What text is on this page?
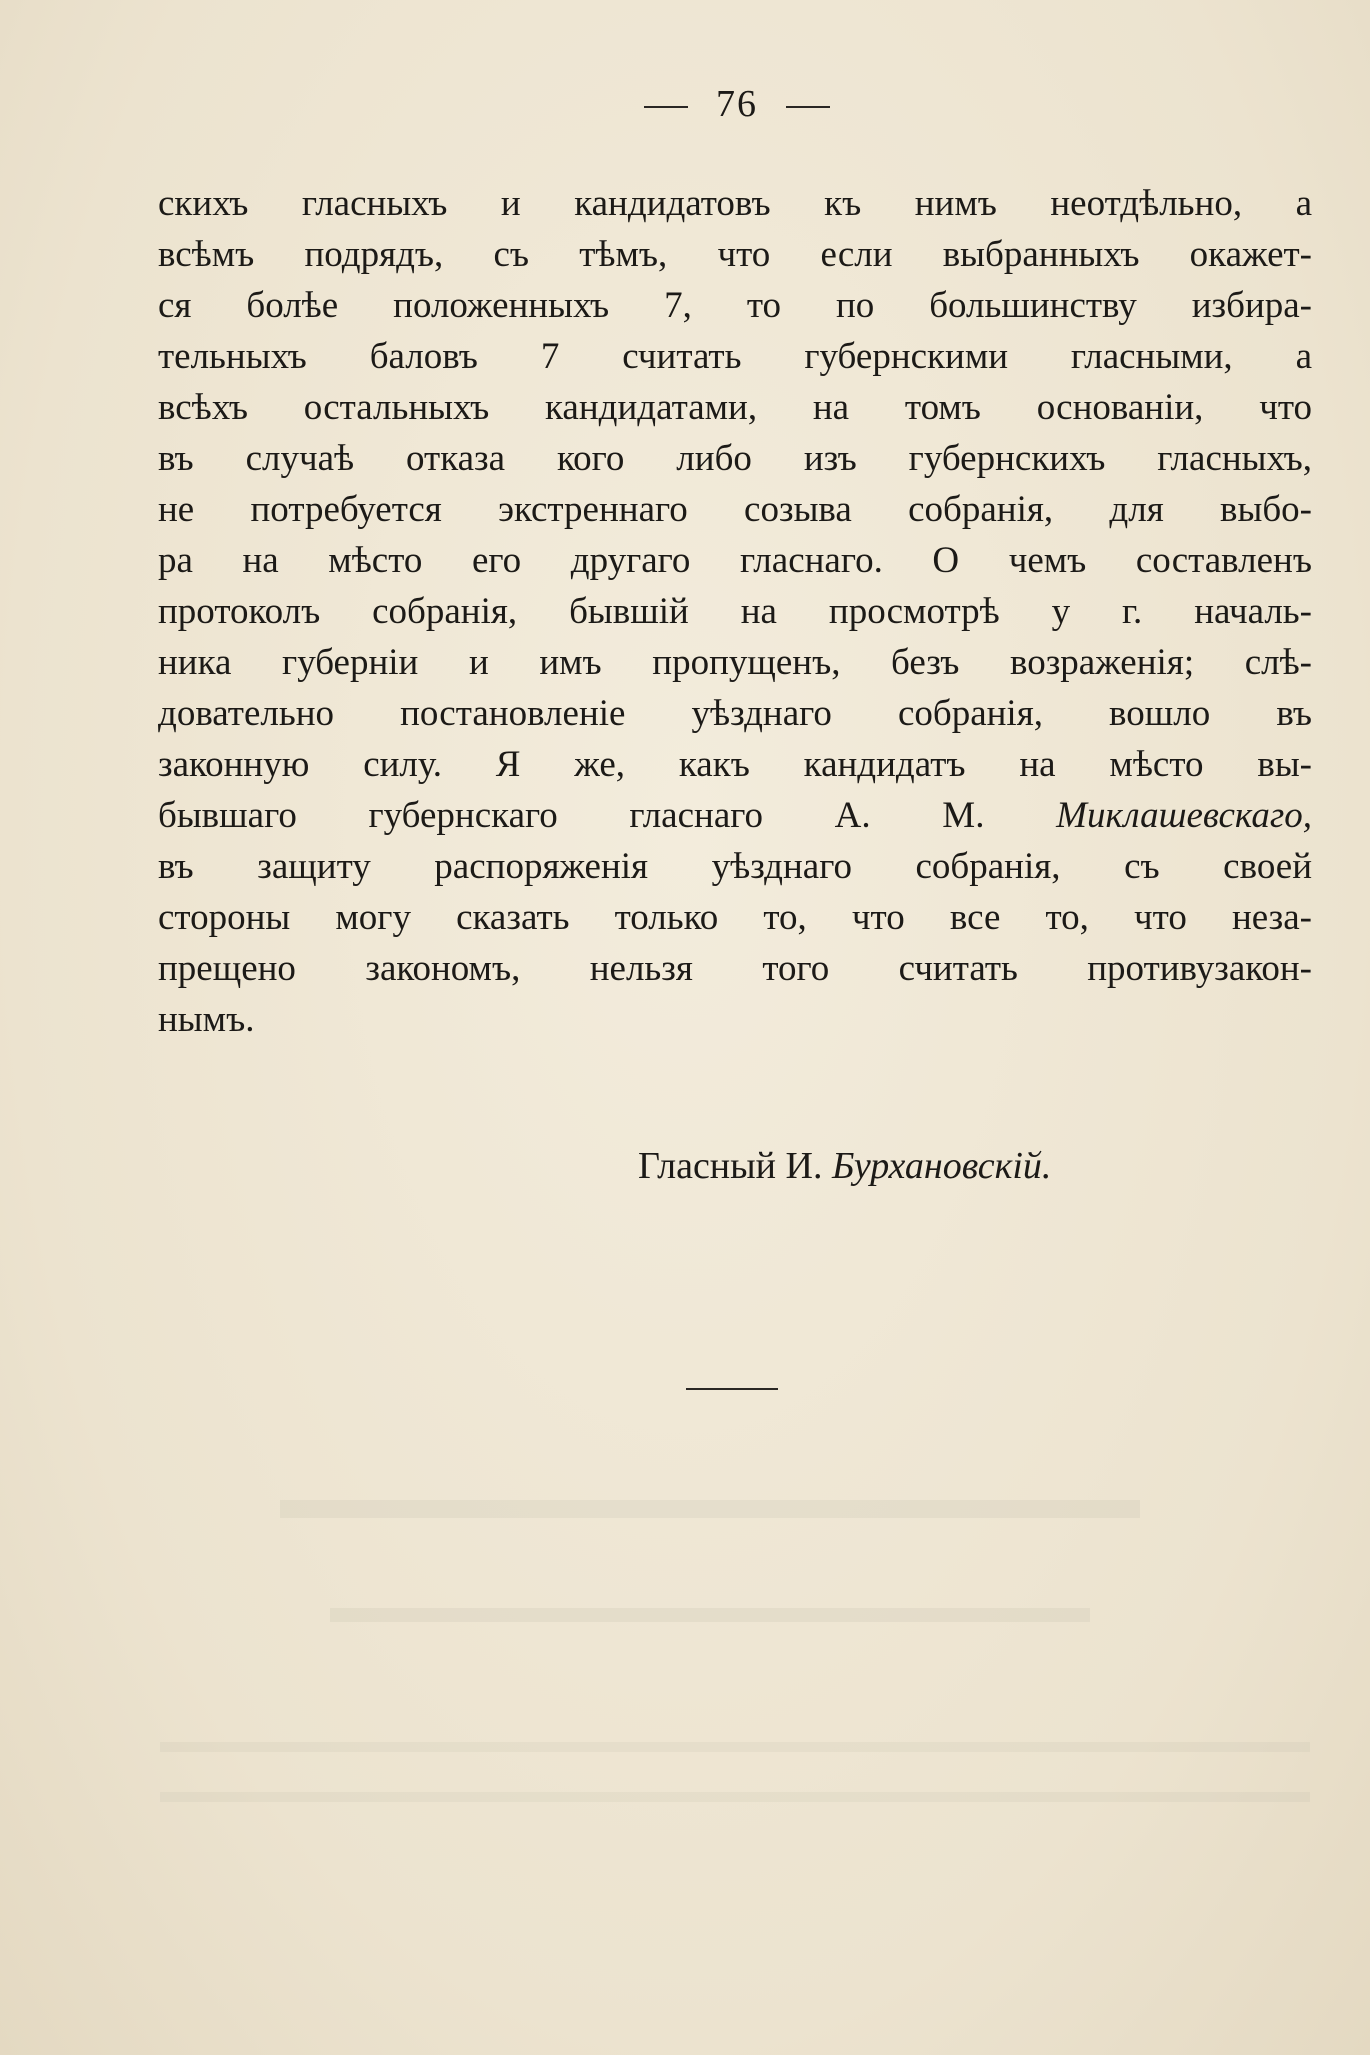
76
скихъ гласныхъ и кандидатовъ къ нимъ неотдѣльно, а
всѣмъ подрядъ, съ тѣмъ, что если выбранныхъ окажет-
ся болѣе положенныхъ 7, то по большинству избира-
тельныхъ баловъ 7 считать губернскими гласными, а
всѣхъ остальныхъ кандидатами, на томъ основанiи, что
въ случаѣ отказа кого либо изъ губернскихъ гласныхъ,
не потребуется экстреннаго созыва собранія, для выбо-
ра на мѣсто его другаго гласнаго. О чемъ составленъ
протоколъ собранія, бывшій на просмотрѣ у г. началь-
ника губерніи и имъ пропущенъ, безъ возраженія; слѣ-
довательно постановленіе уѣзднаго собранія, вошло въ
законную силу. Я же, какъ кандидатъ на мѣсто вы-
бывшаго губернскаго гласнаго А. М. Миклашевскаго,
въ защиту распоряженія уѣзднаго собранія, съ своей
стороны могу сказать только то, что все то, что неза-
прещено закономъ, нельзя того считать противузакон-
нымъ.
Гласный И. Бурхановскій.
